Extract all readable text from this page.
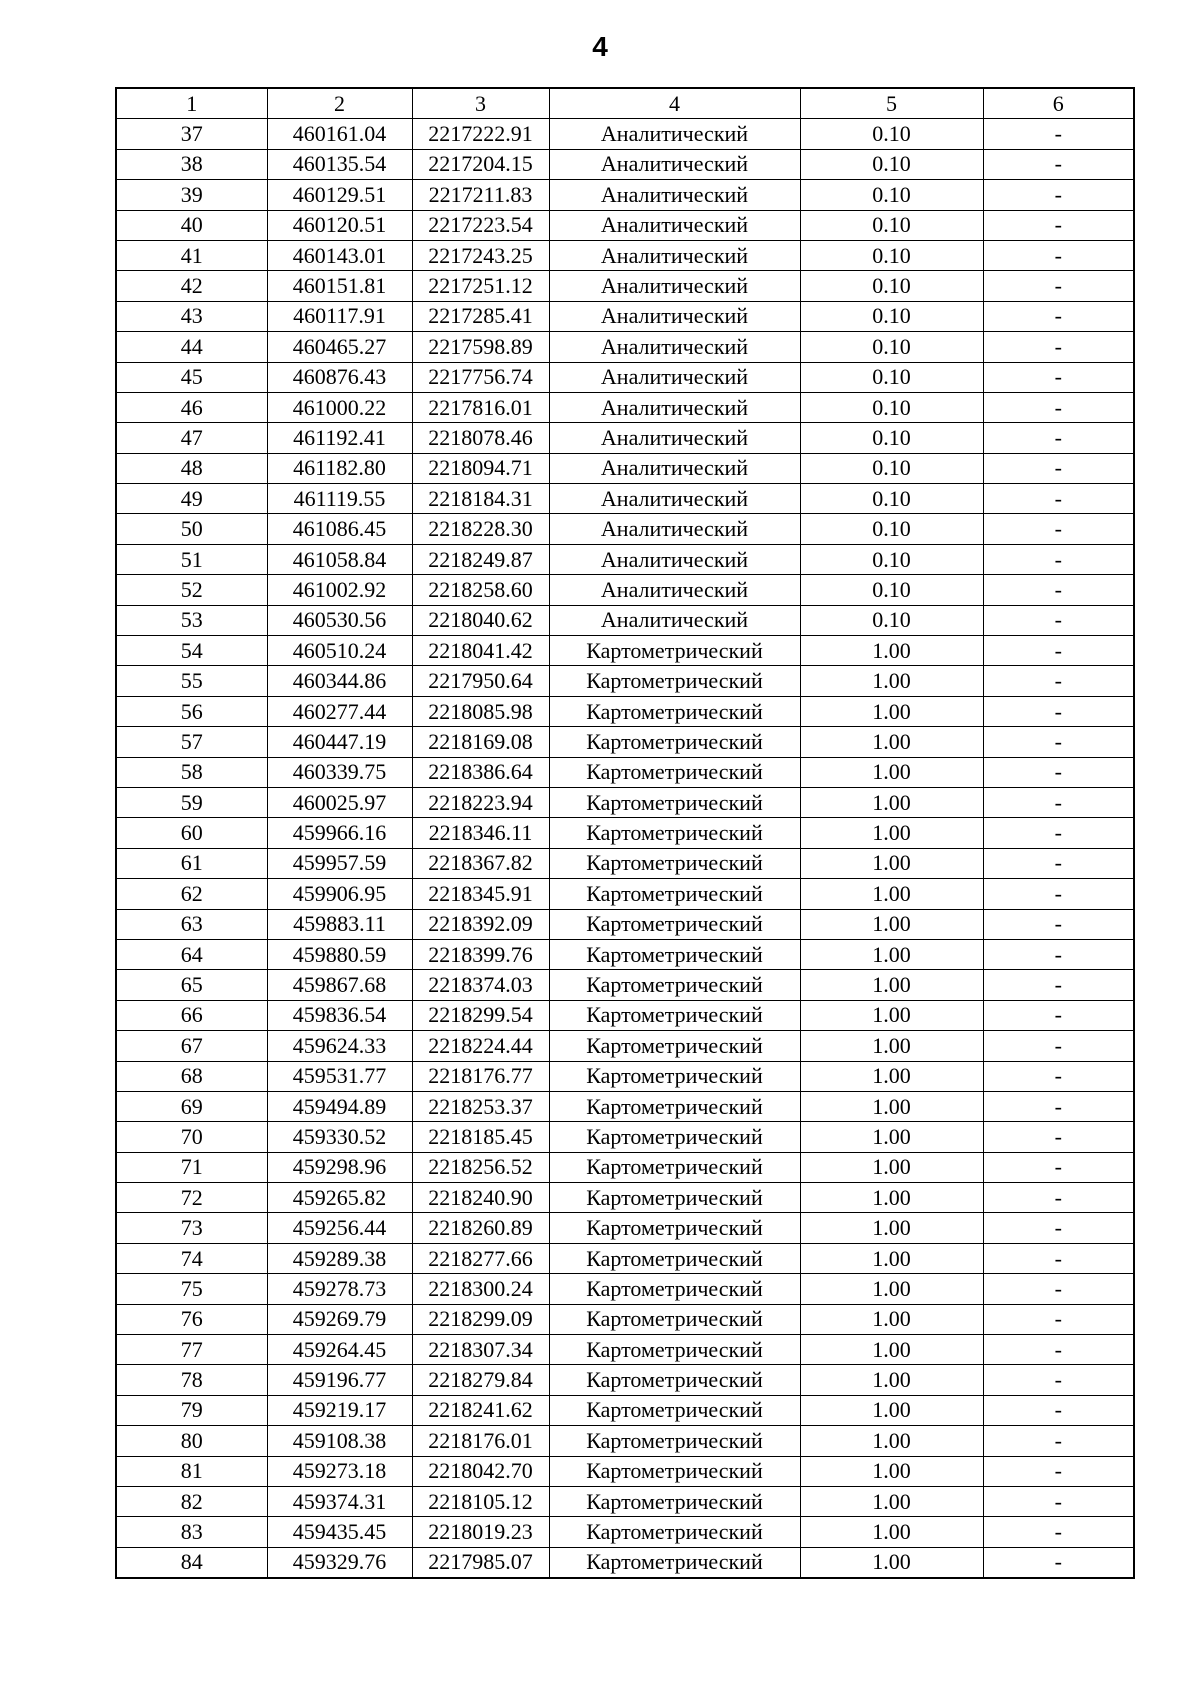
4
1	2	3	4	5	6
37	460161.04	2217222.91	Аналитический	0.10	-
38	460135.54	2217204.15	Аналитический	0.10	-
39	460129.51	2217211.83	Аналитический	0.10	-
40	460120.51	2217223.54	Аналитический	0.10	-
41	460143.01	2217243.25	Аналитический	0.10	-
42	460151.81	2217251.12	Аналитический	0.10	-
43	460117.91	2217285.41	Аналитический	0.10	-
44	460465.27	2217598.89	Аналитический	0.10	-
45	460876.43	2217756.74	Аналитический	0.10	-
46	461000.22	2217816.01	Аналитический	0.10	-
47	461192.41	2218078.46	Аналитический	0.10	-
48	461182.80	2218094.71	Аналитический	0.10	-
49	461119.55	2218184.31	Аналитический	0.10	-
50	461086.45	2218228.30	Аналитический	0.10	-
51	461058.84	2218249.87	Аналитический	0.10	-
52	461002.92	2218258.60	Аналитический	0.10	-
53	460530.56	2218040.62	Аналитический	0.10	-
54	460510.24	2218041.42	Картометрический	1.00	-
55	460344.86	2217950.64	Картометрический	1.00	-
56	460277.44	2218085.98	Картометрический	1.00	-
57	460447.19	2218169.08	Картометрический	1.00	-
58	460339.75	2218386.64	Картометрический	1.00	-
59	460025.97	2218223.94	Картометрический	1.00	-
60	459966.16	2218346.11	Картометрический	1.00	-
61	459957.59	2218367.82	Картометрический	1.00	-
62	459906.95	2218345.91	Картометрический	1.00	-
63	459883.11	2218392.09	Картометрический	1.00	-
64	459880.59	2218399.76	Картометрический	1.00	-
65	459867.68	2218374.03	Картометрический	1.00	-
66	459836.54	2218299.54	Картометрический	1.00	-
67	459624.33	2218224.44	Картометрический	1.00	-
68	459531.77	2218176.77	Картометрический	1.00	-
69	459494.89	2218253.37	Картометрический	1.00	-
70	459330.52	2218185.45	Картометрический	1.00	-
71	459298.96	2218256.52	Картометрический	1.00	-
72	459265.82	2218240.90	Картометрический	1.00	-
73	459256.44	2218260.89	Картометрический	1.00	-
74	459289.38	2218277.66	Картометрический	1.00	-
75	459278.73	2218300.24	Картометрический	1.00	-
76	459269.79	2218299.09	Картометрический	1.00	-
77	459264.45	2218307.34	Картометрический	1.00	-
78	459196.77	2218279.84	Картометрический	1.00	-
79	459219.17	2218241.62	Картометрический	1.00	-
80	459108.38	2218176.01	Картометрический	1.00	-
81	459273.18	2218042.70	Картометрический	1.00	-
82	459374.31	2218105.12	Картометрический	1.00	-
83	459435.45	2218019.23	Картометрический	1.00	-
84	459329.76	2217985.07	Картометрический	1.00	-
